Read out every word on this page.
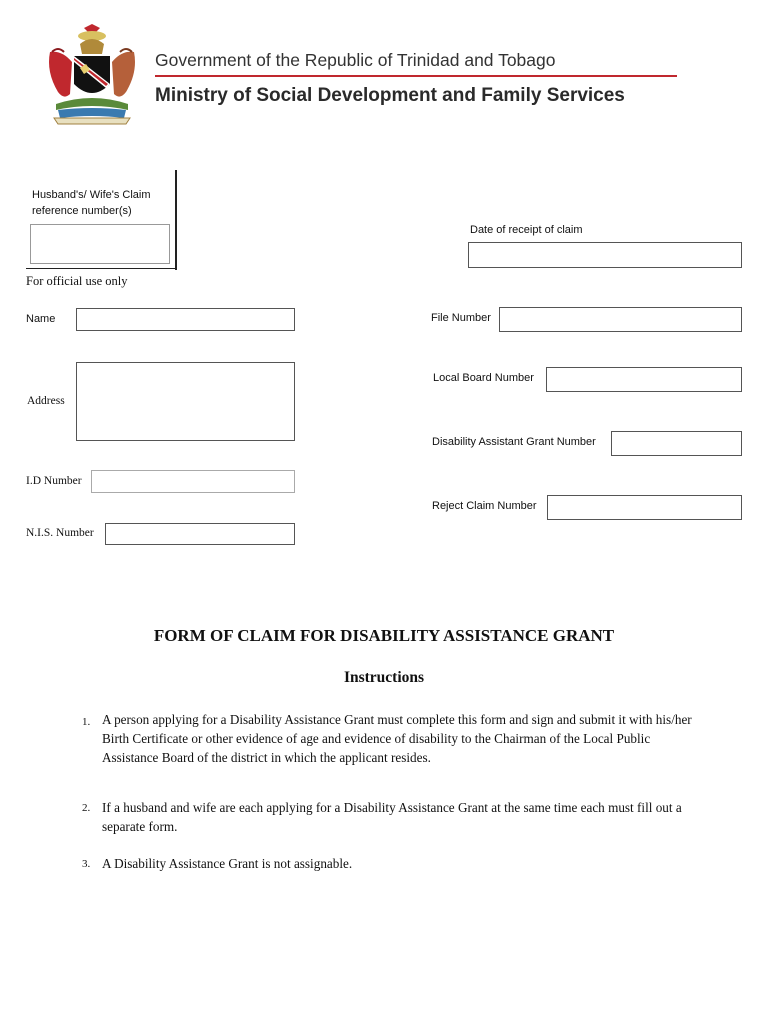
Government of the Republic of Trinidad and Tobago
Ministry of Social Development and Family Services
Husband's/ Wife's Claim
reference number(s)
For official use only
Date of receipt of claim
Name
Address
I.D Number
N.I.S. Number
File Number
Local Board Number
Disability Assistant Grant Number
Reject Claim Number
FORM OF CLAIM FOR DISABILITY ASSISTANCE GRANT
Instructions
1. A person applying for a Disability Assistance Grant must complete this form and sign and submit it with his/her Birth Certificate or other evidence of age and evidence of disability to the Chairman of the Local Public Assistance Board of the district in which the applicant resides.
2. If a husband and wife are each applying for a Disability Assistance Grant at the same time each must fill out a separate form.
3. A Disability Assistance Grant is not assignable.
